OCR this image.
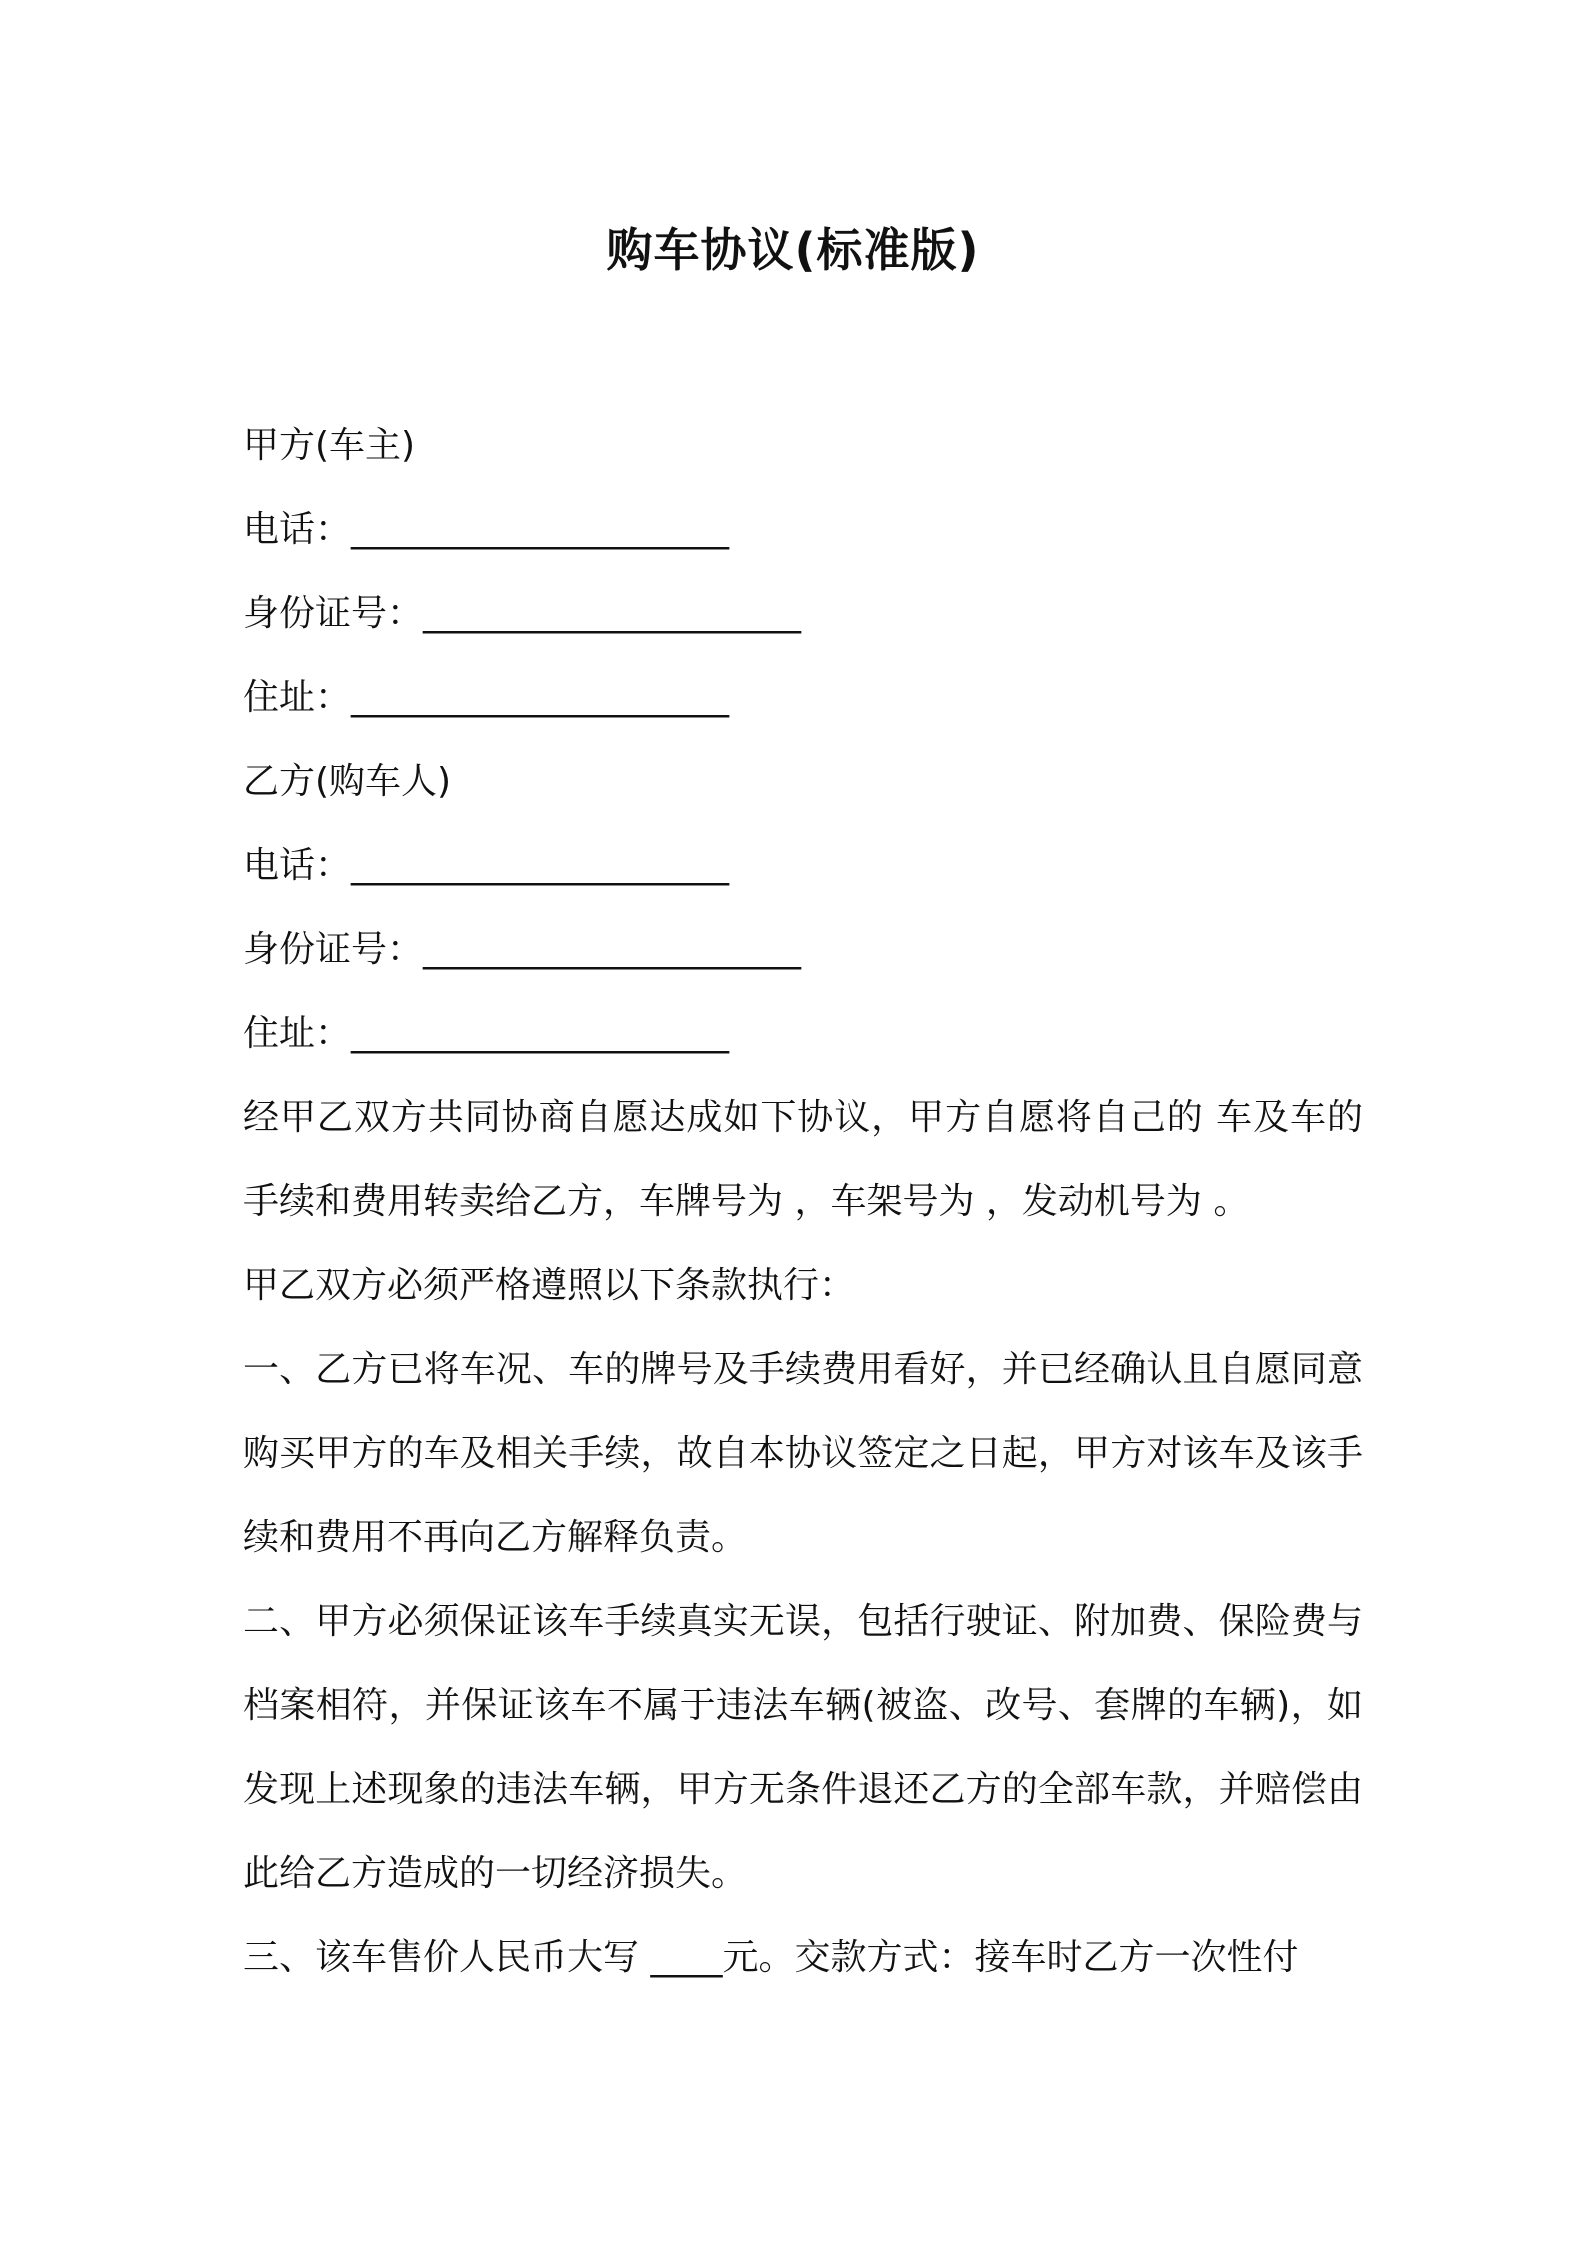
购车协议(标准版)
甲方(车主)
电话：_____________________
身份证号：_____________________
住址：_____________________
乙方(购车人)
电话：_____________________
身份证号：_____________________
住址：_____________________
经甲乙双方共同协商自愿达成如下协议，甲方自愿将自己的 车及车的手续和费用转卖给乙方，车牌号为 ，车架号为 ，发动机号为 。
甲乙双方必须严格遵照以下条款执行：
一、乙方已将车况、车的牌号及手续费用看好，并已经确认且自愿同意购买甲方的车及相关手续，故自本协议签定之日起，甲方对该车及该手续和费用不再向乙方解释负责。
二、甲方必须保证该车手续真实无误，包括行驶证、附加费、保险费与档案相符，并保证该车不属于违法车辆(被盗、改号、套牌的车辆)，如发现上述现象的违法车辆，甲方无条件退还乙方的全部车款，并赔偿由此给乙方造成的一切经济损失。
三、该车售价人民币大写 ____元。交款方式：接车时乙方一次性付
